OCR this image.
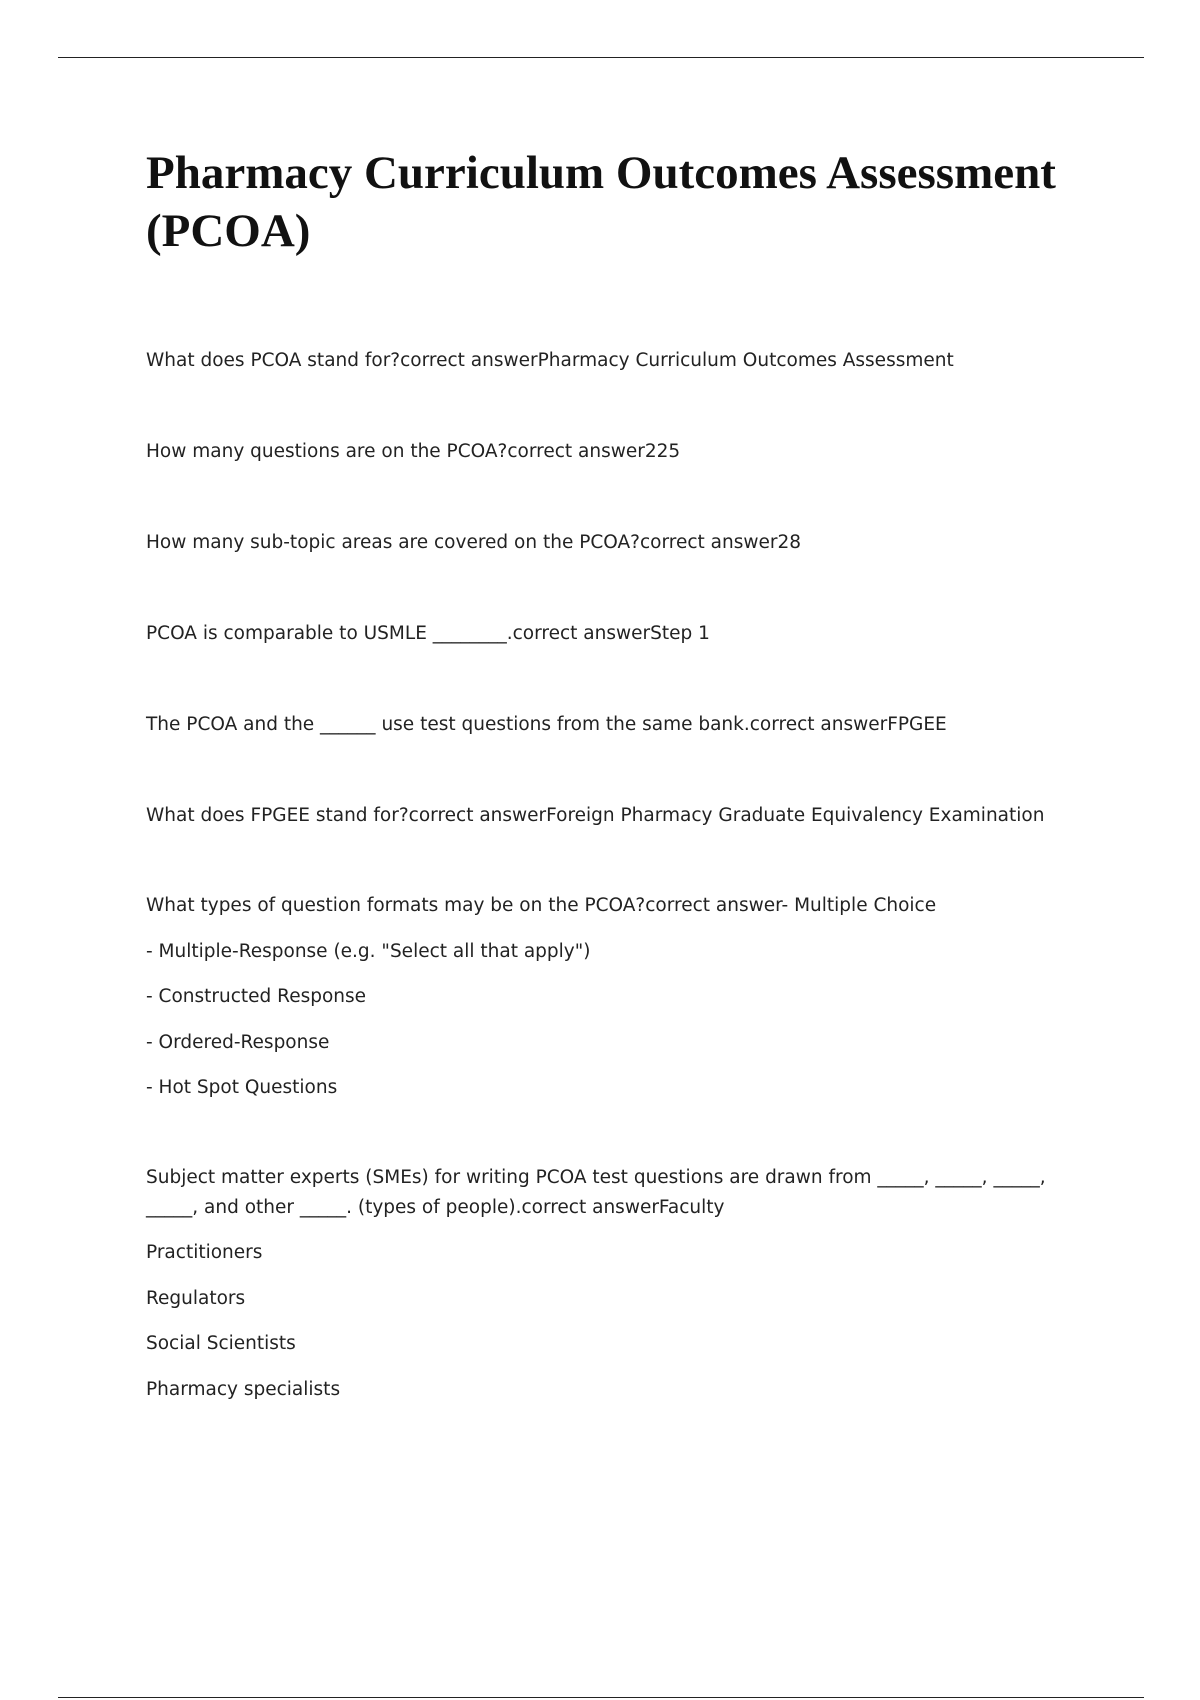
Pharmacy Curriculum Outcomes Assessment (PCOA)

What does PCOA stand for?correct answerPharmacy Curriculum Outcomes Assessment

How many questions are on the PCOA?correct answer225

How many sub-topic areas are covered on the PCOA?correct answer28

PCOA is comparable to USMLE ________.correct answerStep 1

The PCOA and the ______ use test questions from the same bank.correct answerFPGEE

What does FPGEE stand for?correct answerForeign Pharmacy Graduate Equivalency Examination

What types of question formats may be on the PCOA?correct answer- Multiple Choice

- Multiple-Response (e.g. "Select all that apply")

- Constructed Response

- Ordered-Response

- Hot Spot Questions

Subject matter experts (SMEs) for writing PCOA test questions are drawn from _____, _____, _____, _____, and other _____. (types of people).correct answerFaculty

Practitioners

Regulators

Social Scientists

Pharmacy specialists
